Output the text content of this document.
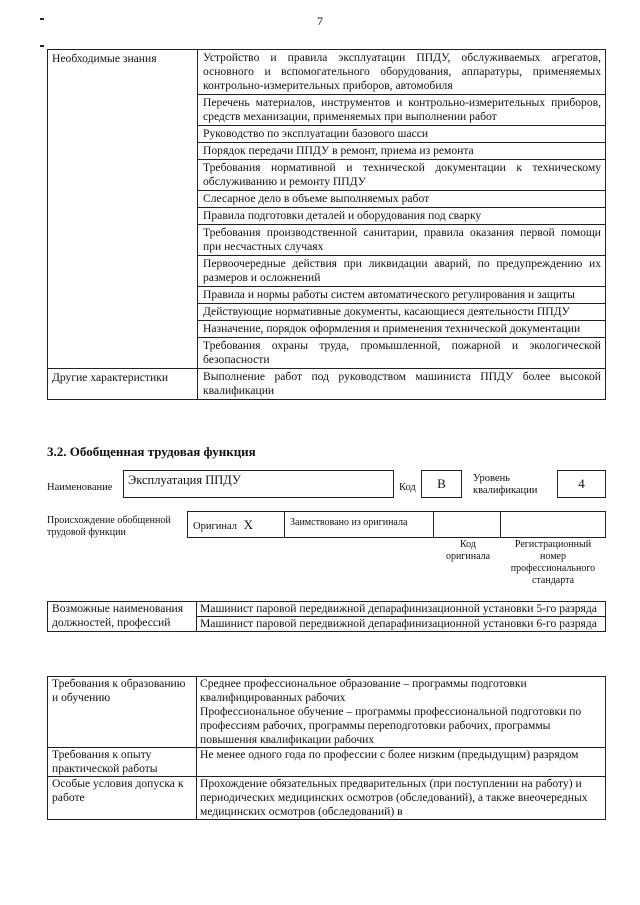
7
Необходимые знания	Устройство и правила эксплуатации ППДУ, обслуживаемых агрегатов, основного и вспомогательного оборудования, аппаратуры, применяемых контрольно-измерительных приборов, автомобиля
	Перечень материалов, инструментов и контрольно-измерительных приборов, средств механизации, применяемых при выполнении работ
	Руководство по эксплуатации базового шасси
	Порядок передачи ППДУ в ремонт, приема из ремонта
	Требования нормативной и технической документации к техническому обслуживанию и ремонту ППДУ
	Слесарное дело в объеме выполняемых работ
	Правила подготовки деталей и оборудования под сварку
	Требования производственной санитарии, правила оказания первой помощи при несчастных случаях
	Первоочередные действия при ликвидации аварий, по предупреждению их размеров и осложнений
	Правила и нормы работы систем автоматического регулирования и защиты
	Действующие нормативные документы, касающиеся деятельности ППДУ
	Назначение, порядок оформления и применения технической документации
	Требования охраны труда, промышленной, пожарной и экологической безопасности
Другие характеристики	Выполнение работ под руководством машиниста ППДУ более высокой квалификации
3.2. Обобщенная трудовая функция
Наименование
Эксплуатация ППДУ
Код	В	Уровень квалификации	4
Происхождение обобщенной трудовой функции
Оригинал Х	Заимствовано из оригинала
Код оригинала
Регистрационный номер профессионального стандарта
Возможные наименования должностей, профессий	Машинист паровой передвижной депарафинизационной установки 5-го разряда
Машинист паровой передвижной депарафинизационной установки 6-го разряда
Требования к образованию и обучению	Среднее профессиональное образование – программы подготовки квалифицированных рабочих
Профессиональное обучение – программы профессиональной подготовки по профессиям рабочих, программы переподготовки рабочих, программы повышения квалификации рабочих

Требования к опыту практической работы	Не менее одного года по профессии с более низким (предыдущим) разрядом
Особые условия допуска к работе	Прохождение обязательных предварительных (при поступлении на работу) и периодических медицинских осмотров (обследований), а также внеочередных медицинских осмотров (обследований) в
